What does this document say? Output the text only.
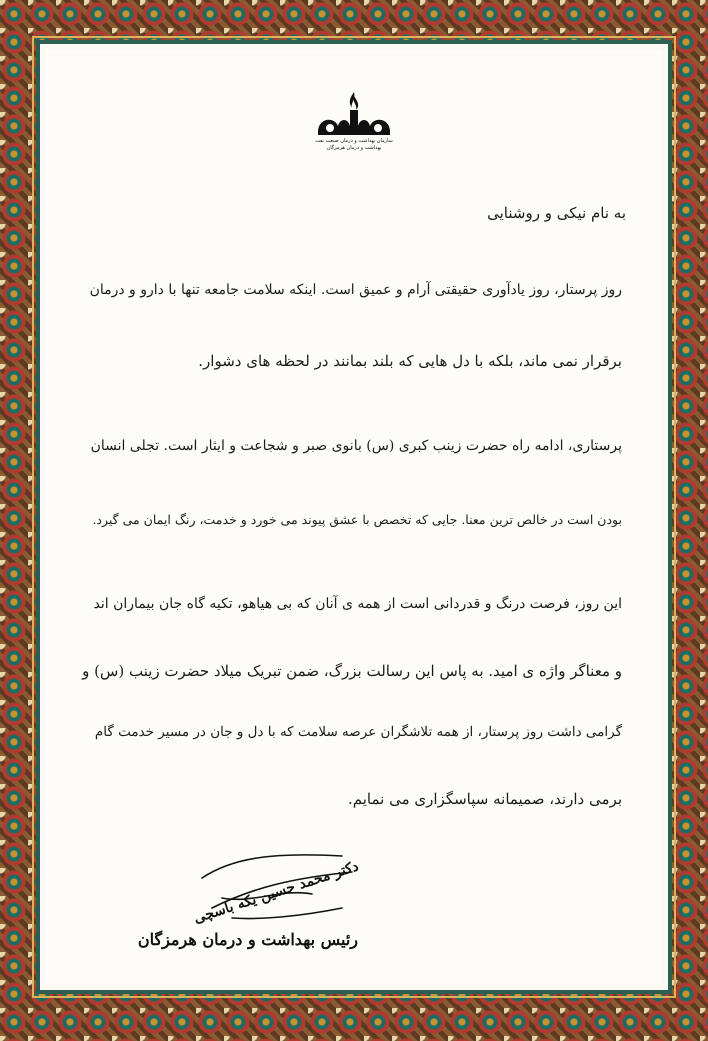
سازمان بهداشت و درمان صنعت نفت
بهداشت و درمان هرمزگان
به نام نیکی و روشنایی
روز پرستار، روز یادآوری حقیقتی آرام و عمیق است. اینکه سلامت جامعه تنها با دارو و درمان
برقرار نمی ماند، بلکه با دل هایی که بلند بمانند در لحظه های دشوار.
پرستاری، ادامه راه حضرت زینب کبری (س) بانوی صبر و شجاعت و ایثار است. تجلی انسان
بودن است در خالص ترین معنا. جایی که تخصص با عشق پیوند می خورد و خدمت، رنگ ایمان می گیرد.
این روز، فرصت درنگ و قدردانی است از همه ی آنان که بی هیاهو، تکیه گاه جان بیماران اند
و معناگر واژه ی امید. به پاس این رسالت بزرگ، ضمن تبریک میلاد حضرت زینب (س) و
گرامی داشت روز پرستار، از همه تلاشگران عرصه سلامت که با دل و جان در مسیر خدمت گام
برمی دارند، صمیمانه سپاسگزاری می نمایم.
دکتر محمد حسین یکه باسچی
رئیس بهداشت و درمان هرمزگان
